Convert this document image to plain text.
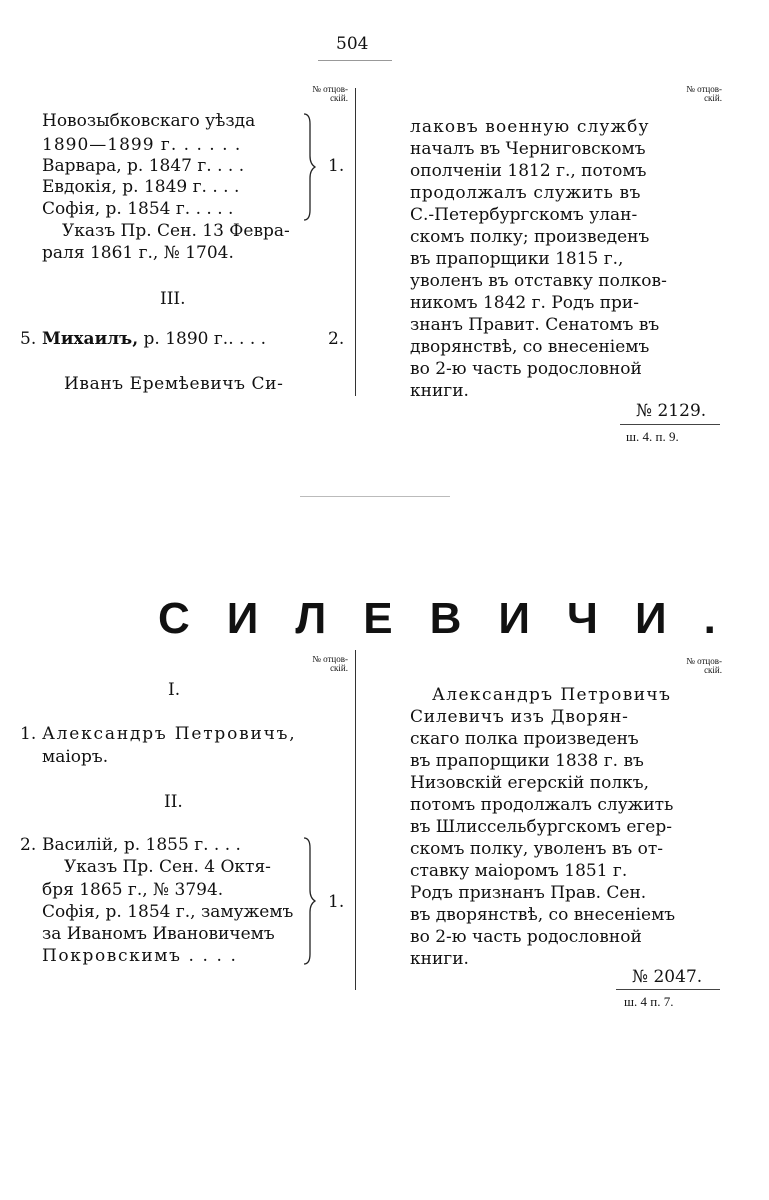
504
№ отцов-
скій.
№ отцов-
скій.
Новозыбковскаго уѣзда
1890—1899 г. . . . . .
Варвара, р. 1847 г. . . .
Евдокія, р. 1849 г. . . .
Софія, р. 1854 г. . . . .
Указъ Пр. Сен. 13 Февра-
раля 1861 г., № 1704.
1.
III.
5. Михаилъ, р. 1890 г.. . . .	2.
Иванъ Еремѣевичъ Си-
лаковъ военную службу
началъ въ Черниговскомъ
ополченіи 1812 г., потомъ
продолжалъ служить въ
С.-Петербургскомъ улан-
скомъ полку; произведенъ
въ прапорщики 1815 г.,
уволенъ въ отставку полков-
никомъ 1842 г. Родъ при-
знанъ Правит. Сенатомъ въ
дворянствѣ, со внесеніемъ
во 2-ю часть родословной
книги.
№ 2129.
ш. 4. п. 9.
СИЛЕВИЧИ.
№ отцов-
скій.
№ отцов-
скій.
I.
1. Александръ Петровичъ,
маіоръ.
II.
2. Василій, р. 1855 г. . . .
Указъ Пр. Сен. 4 Октя-
бря 1865 г., № 3794.
Софія, р. 1854 г., замужемъ
за Иваномъ Ивановичемъ
Покровскимъ . . . .
1.
Александръ Петровичъ
Силевичъ изъ Дворян-
скаго полка произведенъ
въ прапорщики 1838 г. въ
Низовскій егерскій полкъ,
потомъ продолжалъ служить
въ Шлиссельбургскомъ егер-
скомъ полку, уволенъ въ от-
ставку маіоромъ 1851 г.
Родъ признанъ Прав. Сен.
въ дворянствѣ, со внесеніемъ
во 2-ю часть родословной
книги.
№ 2047.
ш. 4 п. 7.
